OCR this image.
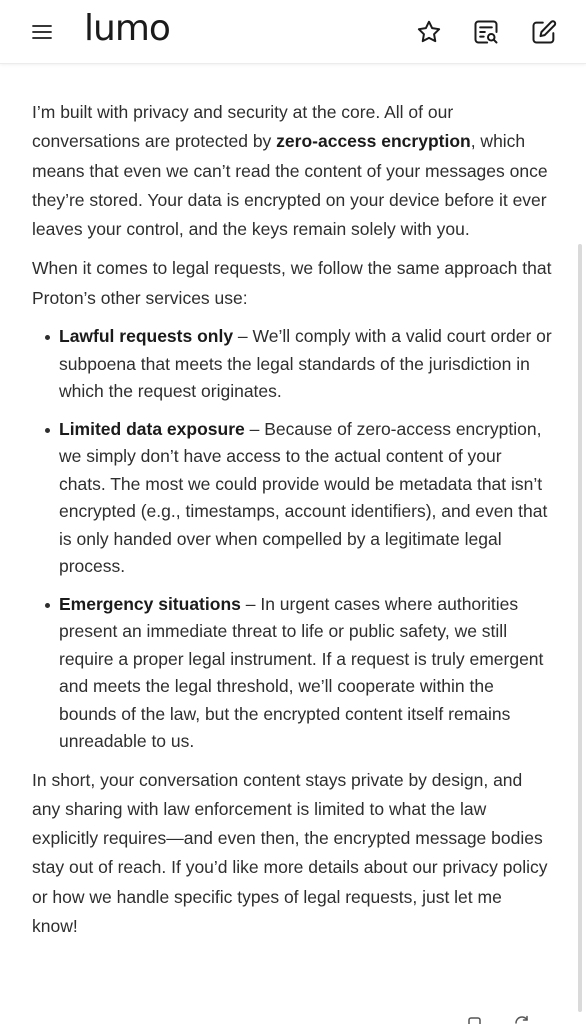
lumo

I’m built with privacy and security at the core. All of our conversations are protected by zero-access encryption, which means that even we can’t read the content of your messages once they’re stored. Your data is encrypted on your device before it ever leaves your control, and the keys remain solely with you.

When it comes to legal requests, we follow the same approach that Proton’s other services use:

Lawful requests only – We’ll comply with a valid court order or subpoena that meets the legal standards of the jurisdiction in which the request originates.
Limited data exposure – Because of zero-access encryption, we simply don’t have access to the actual content of your chats. The most we could provide would be metadata that isn’t encrypted (e.g., timestamps, account identifiers), and even that is only handed over when compelled by a legitimate legal process.
Emergency situations – In urgent cases where authorities present an immediate threat to life or public safety, we still require a proper legal instrument. If a request is truly emergent and meets the legal threshold, we’ll cooperate within the bounds of the law, but the encrypted content itself remains unreadable to us.

In short, your conversation content stays private by design, and any sharing with law enforcement is limited to what the law explicitly requires—and even then, the encrypted message bodies stay out of reach. If you’d like more details about our privacy policy or how we handle specific types of legal requests, just let me know!
